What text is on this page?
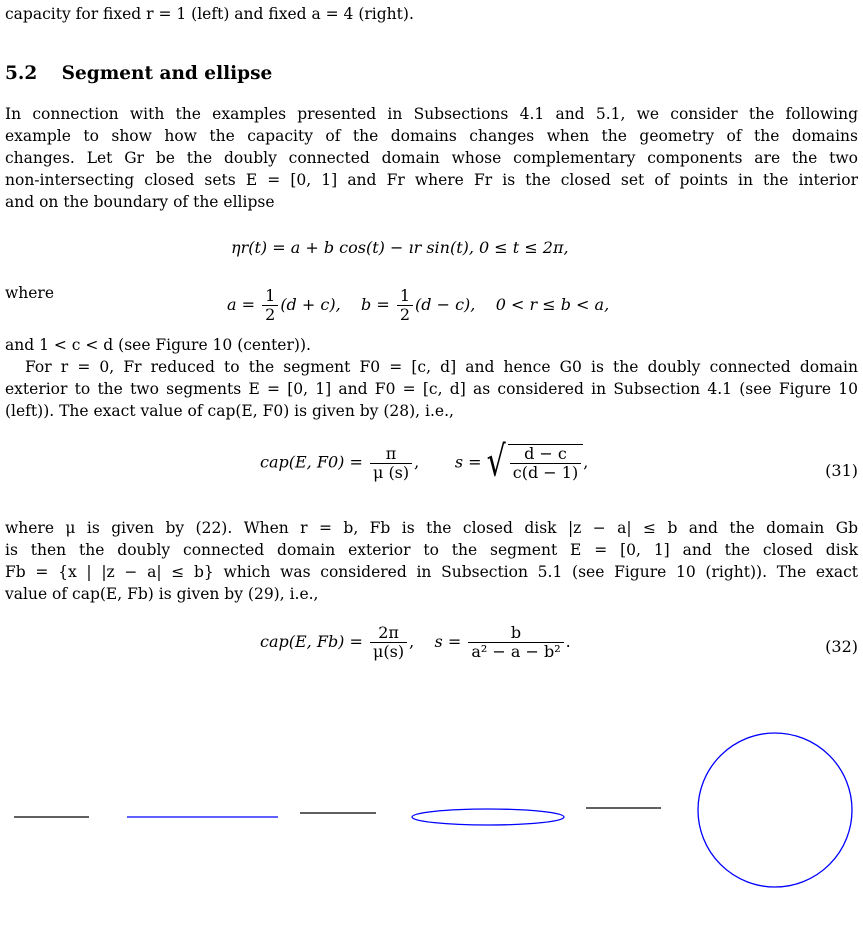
capacity for fixed r = 1 (left) and fixed a = 4 (right).
5.2 Segment and ellipse
In connection with the examples presented in Subsections 4.1 and 5.1, we consider the following
example to show how the capacity of the domains changes when the geometry of the domains
changes. Let Gr be the doubly connected domain whose complementary components are the two
non-intersecting closed sets E = [0, 1] and Fr where Fr is the closed set of points in the interior
and on the boundary of the ellipse
ηr(t) = a + b cos(t) − ır sin(t), 0 ≤ t ≤ 2π,
where
$a = \frac{1}{2} (d + c)$, $b = \frac{1}{2} (d - c)$, 0 < r ≤ b < a,
and 1 < c < d (see Figure 10 (center)).
For r = 0, Fr reduced to the segment F0 = [c, d] and hence G0 is the doubly connected domain
exterior to the two segments E = [0, 1] and F0 = [c, d] as considered in Subsection 4.1 (see Figure 10
(left)). The exact value of cap(E, F0) is given by (28), i.e.,
cap(E, $F0) = \frac{\pi}{\mu (s)}$ , s = √ $\frac{d - c}{c(d - 1)}$ ,	(31)
where μ is given by (22). When r = b, Fb is the closed disk |z − a| ≤ b and the domain Gb
is then the doubly connected domain exterior to the segment E = [0, 1] and the closed disk
Fb = {x | |z − a| ≤ b} which was considered in Subsection 5.1 (see Figure 10 (right)). The exact
value of cap(E, Fb) is given by (29), i.e.,
cap(E, $Fb) = \frac{2\pi}{\mu(s)}$ , $s = \frac{b}{\text{a² − a − b²}}$ .	(32)
